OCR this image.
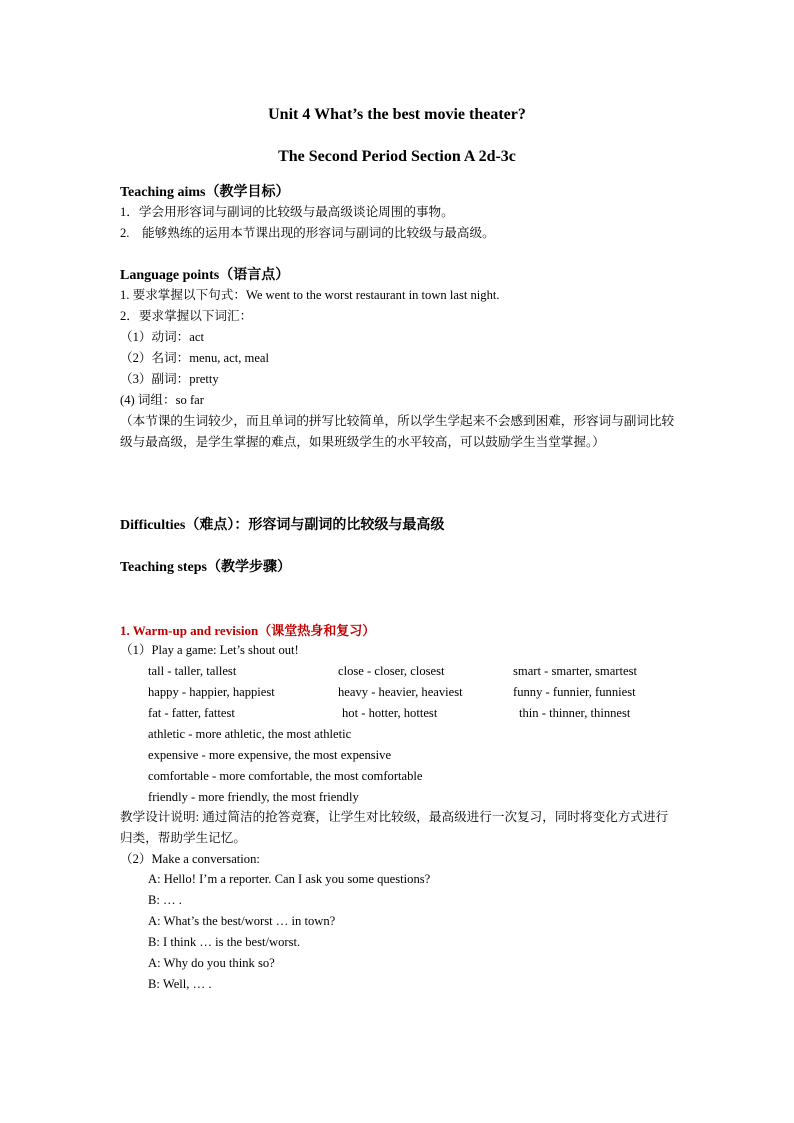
Unit 4 What’s the best movie theater?
The Second Period Section A 2d-3c
Teaching aims（教学目标）
1．学会用形容词与副词的比较级与最高级谈论周围的事物。
2.　能够熟练的运用本节课出现的形容词与副词的比较级与最高级。
Language points（语言点）
1. 要求掌握以下句式：We went to the worst restaurant in town last night.
2．要求掌握以下词汇：
（1）动词：act
（2）名词：menu, act, meal
（3）副词：pretty
(4) 词组：so far
（本节课的生词较少，而且单词的拼写比较简单，所以学生学起来不会感到困难，形容词与副词比较级与最高级，是学生掌握的难点，如果班级学生的水平较高，可以鼓励学生当堂掌握。）
Difficulties（难点）：形容词与副词的比较级与最高级
Teaching steps（教学步骤）
1. Warm-up and revision（课堂热身和复习）
（1）Play a game: Let’s shout out!
tall - taller, tallest	close - closer, closest	smart - smarter, smartest
happy - happier, happiest	heavy - heavier, heaviest	funny - funnier, funniest
fat - fatter, fattest	hot - hotter, hottest	thin - thinner, thinnest
athletic - more athletic, the most athletic
expensive - more expensive, the most expensive
comfortable - more comfortable, the most comfortable
friendly - more friendly, the most friendly
教学设计说明: 通过简洁的抢答竞赛，让学生对比较级，最高级进行一次复习，同时将变化方式进行归类，帮助学生记忆。
（2）Make a conversation:
A: Hello! I’m a reporter. Can I ask you some questions?
B: … .
A: What’s the best/worst … in town?
B: I think … is the best/worst.
A: Why do you think so?
B: Well, … .
